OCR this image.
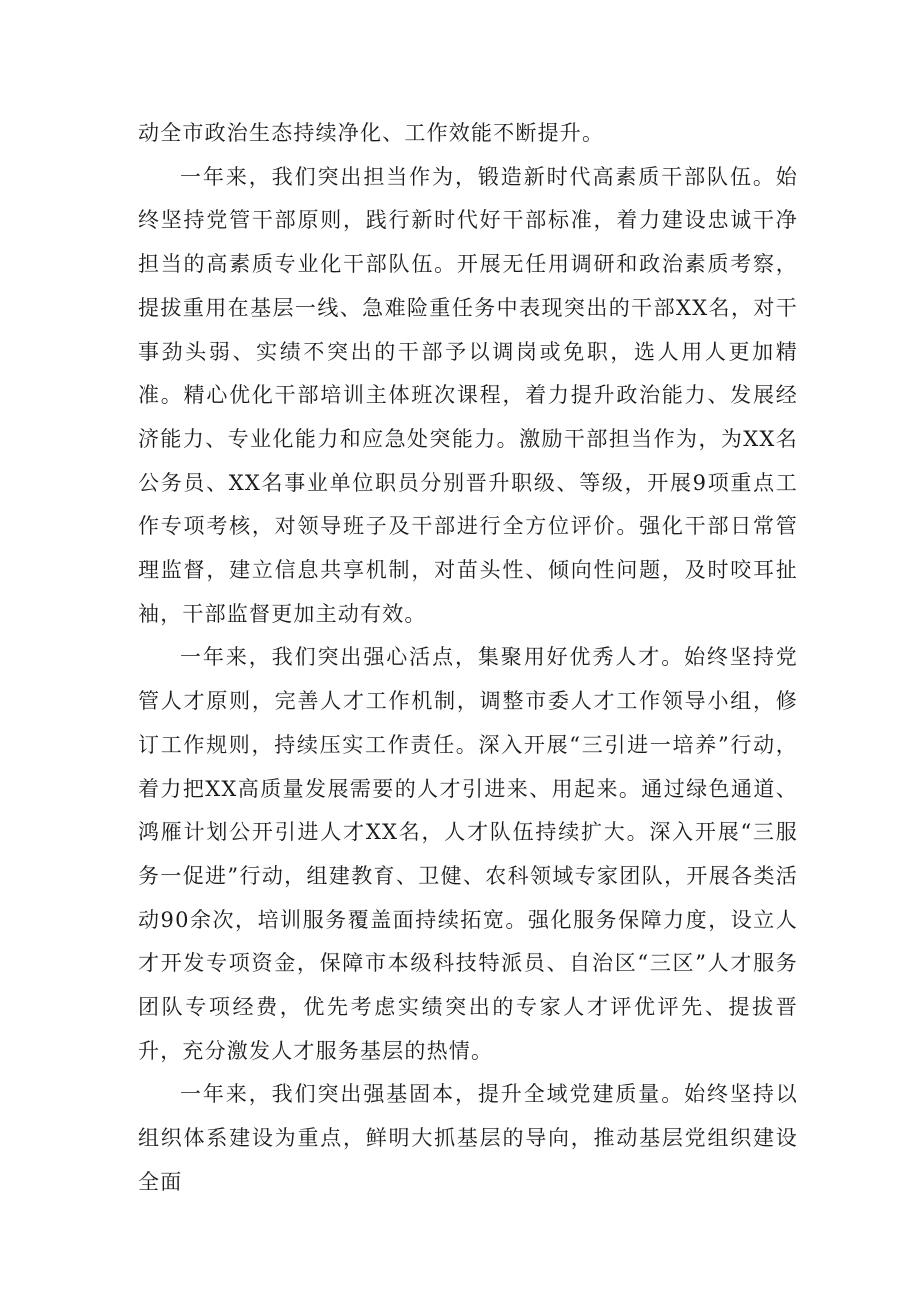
动全市政治生态持续净化、工作效能不断提升。

一年来，我们突出担当作为，锻造新时代高素质干部队伍。始终坚持党管干部原则，践行新时代好干部标准，着力建设忠诚干净担当的高素质专业化干部队伍。开展无任用调研和政治素质考察，提拔重用在基层一线、急难险重任务中表现突出的干部XX名，对干事劲头弱、实绩不突出的干部予以调岗或免职，选人用人更加精准。精心优化干部培训主体班次课程，着力提升政治能力、发展经济能力、专业化能力和应急处突能力。激励干部担当作为，为XX名公务员、XX名事业单位职员分别晋升职级、等级，开展9项重点工作专项考核，对领导班子及干部进行全方位评价。强化干部日常管理监督，建立信息共享机制，对苗头性、倾向性问题，及时咬耳扯袖，干部监督更加主动有效。

一年来，我们突出强心活点，集聚用好优秀人才。始终坚持党管人才原则，完善人才工作机制，调整市委人才工作领导小组，修订工作规则，持续压实工作责任。深入开展“三引进一培养”行动，着力把XX高质量发展需要的人才引进来、用起来。通过绿色通道、鸿雁计划公开引进人才XX名，人才队伍持续扩大。深入开展“三服务一促进”行动，组建教育、卫健、农科领域专家团队，开展各类活动90余次，培训服务覆盖面持续拓宽。强化服务保障力度，设立人才开发专项资金，保障市本级科技特派员、自治区“三区”人才服务团队专项经费，优先考虑实绩突出的专家人才评优评先、提拔晋升，充分激发人才服务基层的热情。

一年来，我们突出强基固本，提升全域党建质量。始终坚持以组织体系建设为重点，鲜明大抓基层的导向，推动基层党组织建设全面
